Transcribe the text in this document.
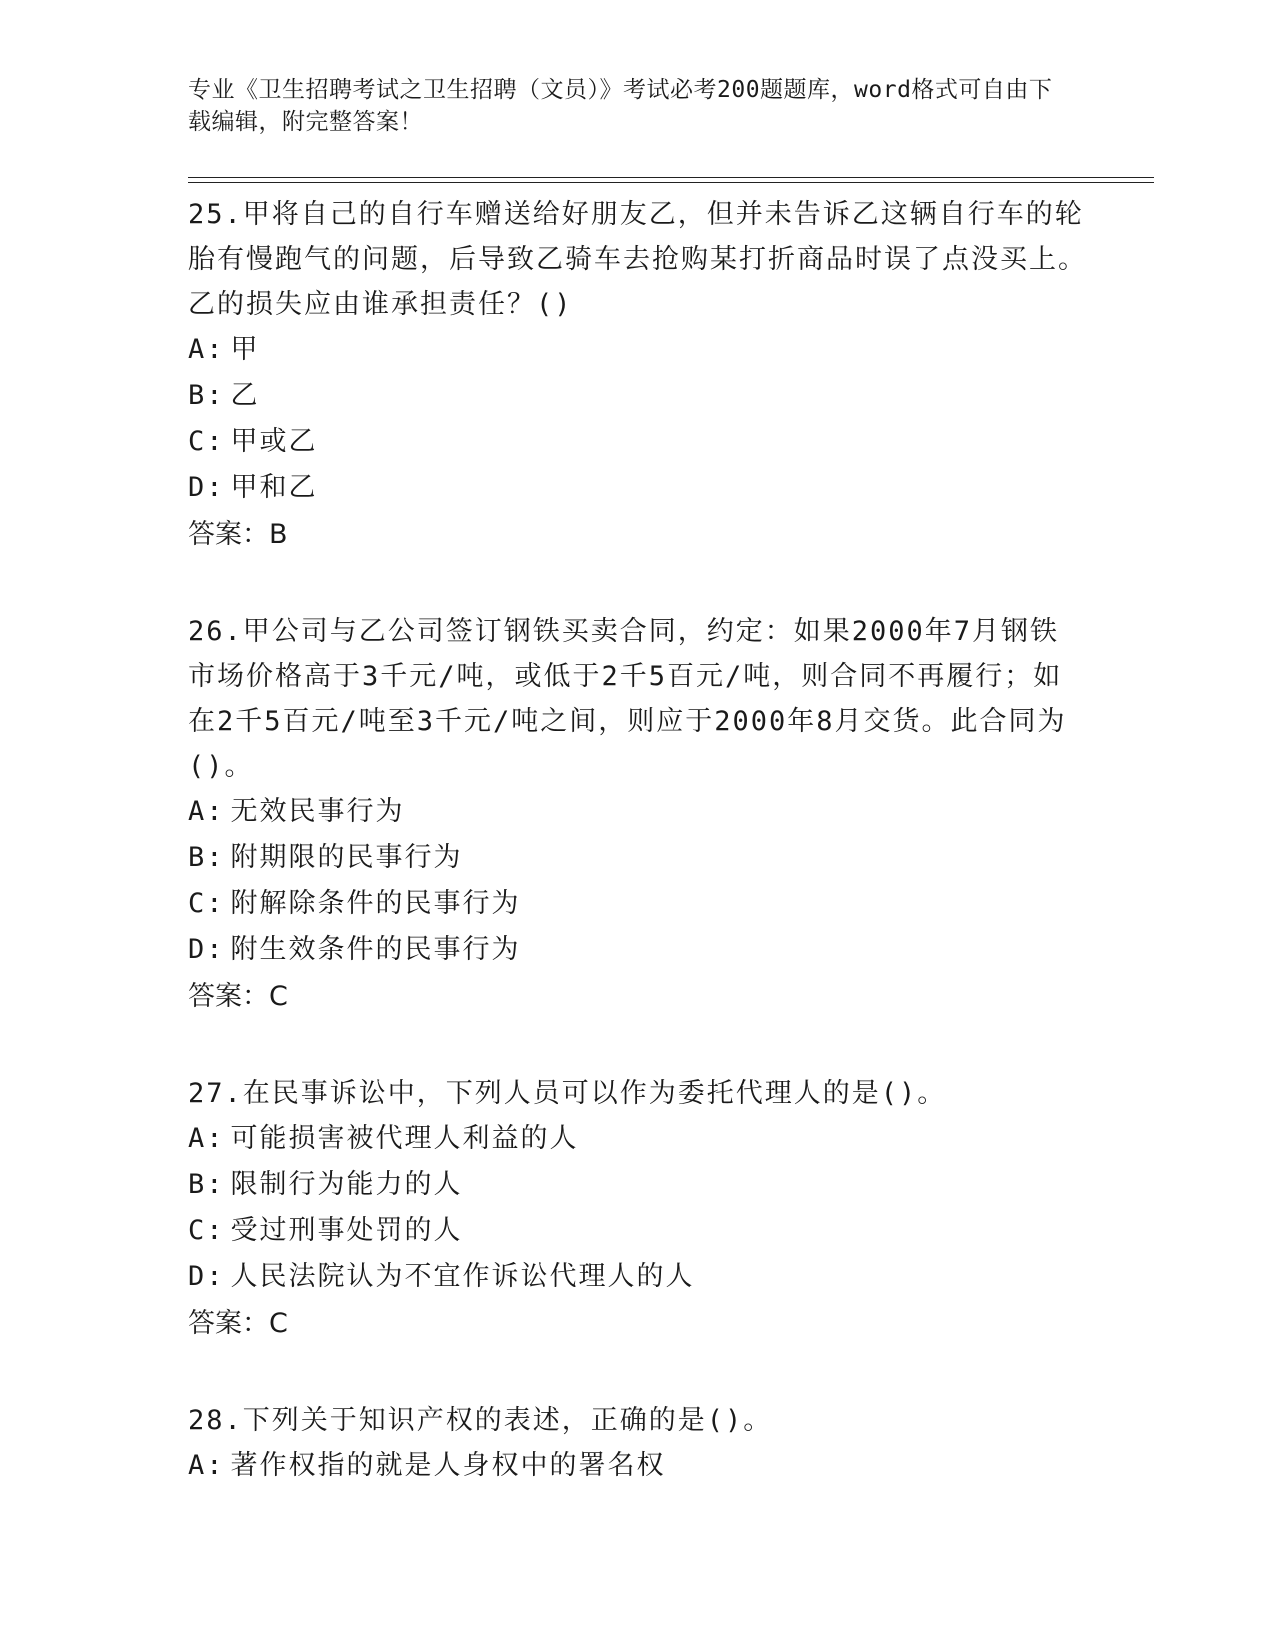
专业《卫生招聘考试之卫生招聘（文员）》考试必考200题题库，word格式可自由下载编辑，附完整答案！

25.甲将自己的自行车赠送给好朋友乙，但并未告诉乙这辆自行车的轮胎有慢跑气的问题，后导致乙骑车去抢购某打折商品时误了点没买上。乙的损失应由谁承担责任？()

A: 甲

B: 乙

C: 甲或乙

D: 甲和乙

答案：B

26.甲公司与乙公司签订钢铁买卖合同，约定：如果2000年7月钢铁市场价格高于3千元/吨，或低于2千5百元/吨，则合同不再履行；如在2千5百元/吨至3千元/吨之间，则应于2000年8月交货。此合同为()。

A: 无效民事行为

B: 附期限的民事行为

C: 附解除条件的民事行为

D: 附生效条件的民事行为

答案：C

27.在民事诉讼中，下列人员可以作为委托代理人的是()。

A: 可能损害被代理人利益的人

B: 限制行为能力的人

C: 受过刑事处罚的人

D: 人民法院认为不宜作诉讼代理人的人

答案：C

28.下列关于知识产权的表述，正确的是()。

A: 著作权指的就是人身权中的署名权
